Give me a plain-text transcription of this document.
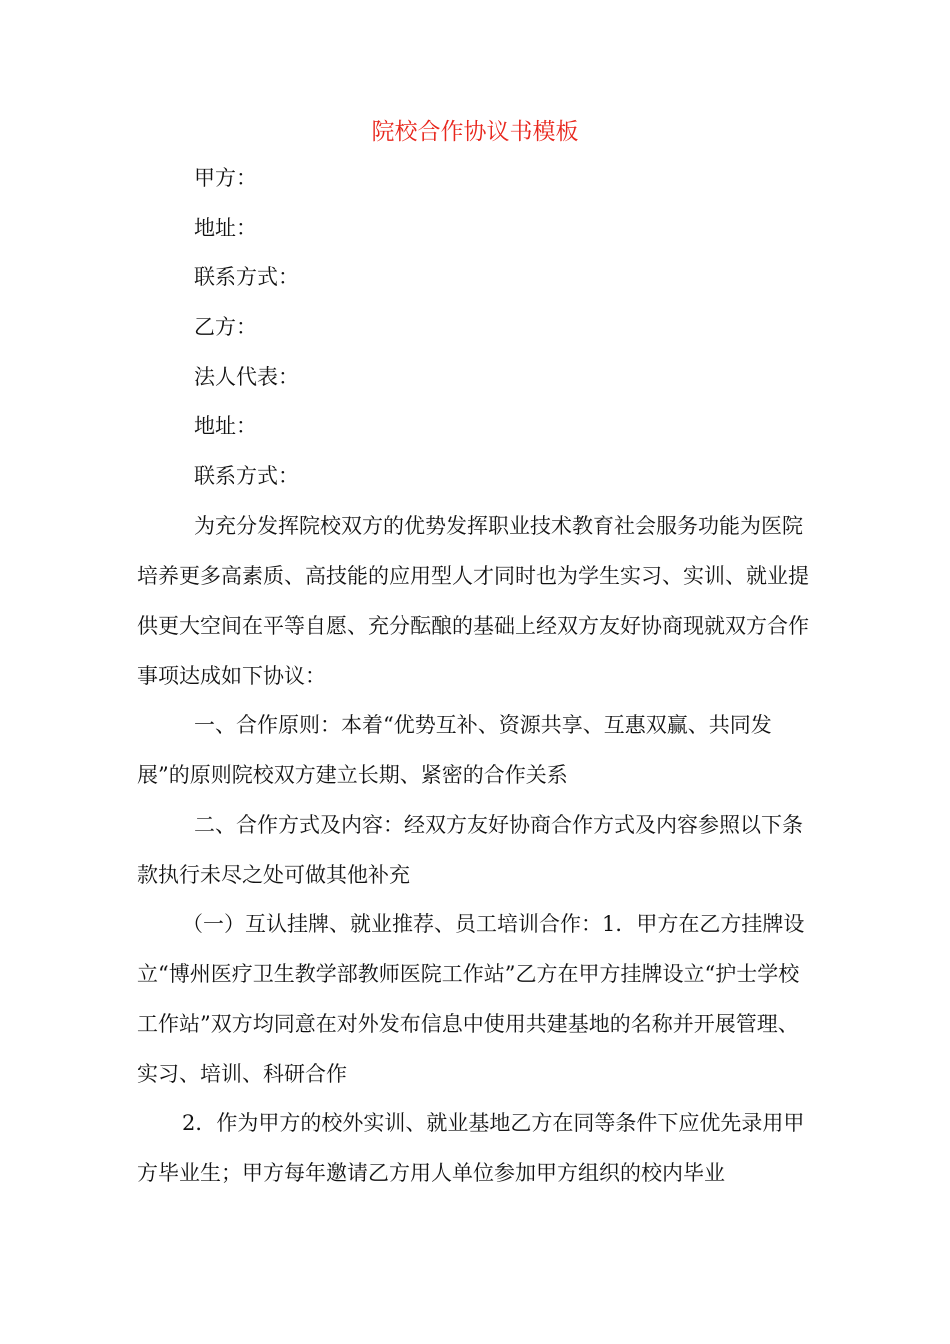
院校合作协议书模板
甲方：
地址：
联系方式：
乙方：
法人代表：
地址：
联系方式：

为充分发挥院校双方的优势发挥职业技术教育社会服务功能为医院培养更多高素质、高技能的应用型人才同时也为学生实习、实训、就业提供更大空间在平等自愿、充分酝酿的基础上经双方友好协商现就双方合作事项达成如下协议：

一、合作原则：本着“优势互补、资源共享、互惠双赢、共同发展”的原则院校双方建立长期、紧密的合作关系

二、合作方式及内容：经双方友好协商合作方式及内容参照以下条款执行未尽之处可做其他补充

（一）互认挂牌、就业推荐、员工培训合作：1．甲方在乙方挂牌设立“博州医疗卫生教学部教师医院工作站”乙方在甲方挂牌设立“护士学校工作站”双方均同意在对外发布信息中使用共建基地的名称并开展管理、实习、培训、科研合作

2．作为甲方的校外实训、就业基地乙方在同等条件下应优先录用甲方毕业生；甲方每年邀请乙方用人单位参加甲方组织的校内毕业
